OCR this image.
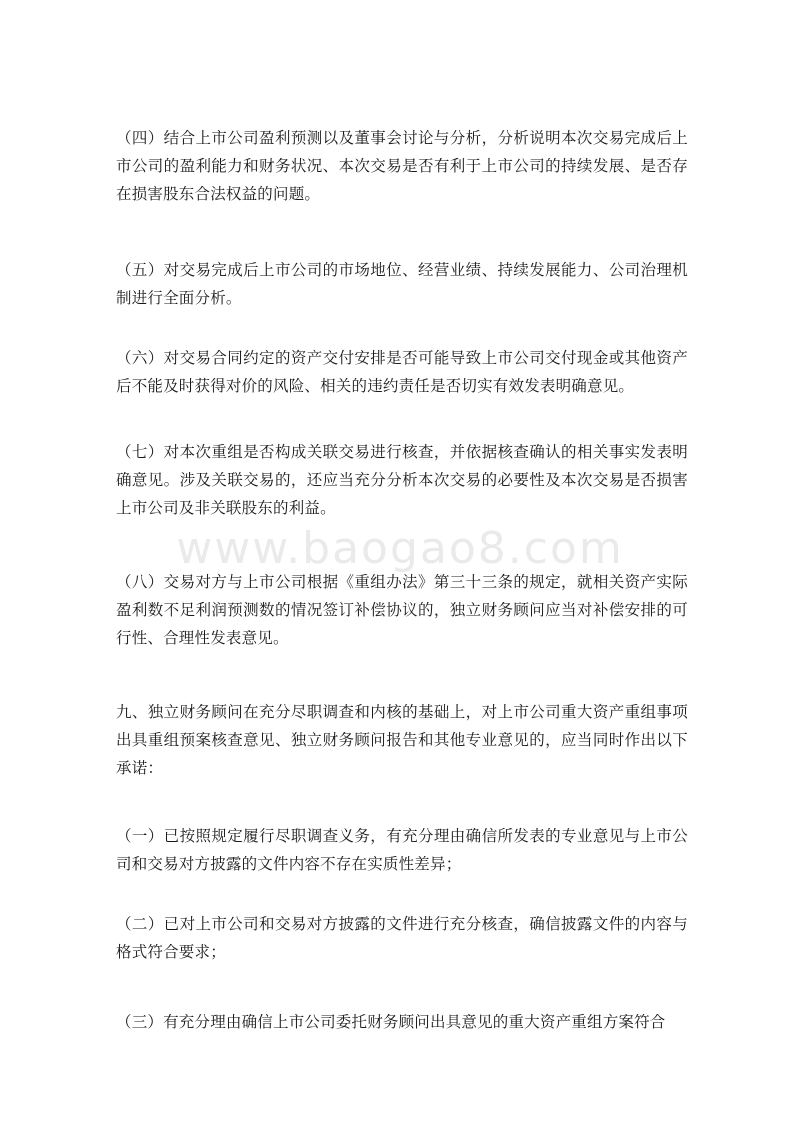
（四）结合上市公司盈利预测以及董事会讨论与分析，分析说明本次交易完成后上市公司的盈利能力和财务状况、本次交易是否有利于上市公司的持续发展、是否存在损害股东合法权益的问题。

（五）对交易完成后上市公司的市场地位、经营业绩、持续发展能力、公司治理机制进行全面分析。

（六）对交易合同约定的资产交付安排是否可能导致上市公司交付现金或其他资产后不能及时获得对价的风险、相关的违约责任是否切实有效发表明确意见。

（七）对本次重组是否构成关联交易进行核查，并依据核查确认的相关事实发表明确意见。涉及关联交易的，还应当充分分析本次交易的必要性及本次交易是否损害上市公司及非关联股东的利益。

（八）交易对方与上市公司根据《重组办法》第三十三条的规定，就相关资产实际盈利数不足利润预测数的情况签订补偿协议的，独立财务顾问应当对补偿安排的可行性、合理性发表意见。

九、独立财务顾问在充分尽职调查和内核的基础上，对上市公司重大资产重组事项出具重组预案核查意见、独立财务顾问报告和其他专业意见的，应当同时作出以下承诺：

（一）已按照规定履行尽职调查义务，有充分理由确信所发表的专业意见与上市公司和交易对方披露的文件内容不存在实质性差异；

（二）已对上市公司和交易对方披露的文件进行充分核查，确信披露文件的内容与格式符合要求；

（三）有充分理由确信上市公司委托财务顾问出具意见的重大资产重组方案符合

www.baogao8.com
